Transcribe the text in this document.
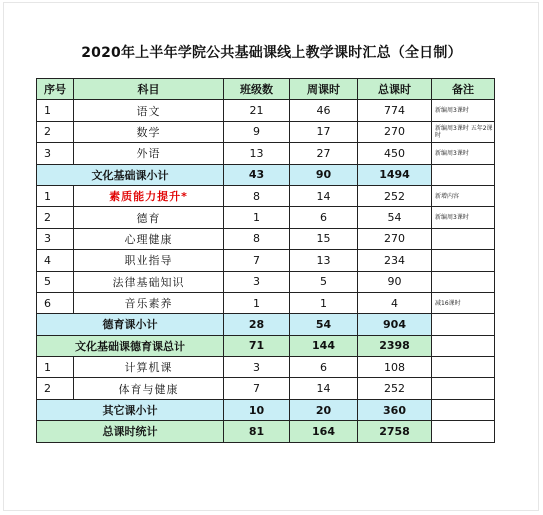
2020年上半年学院公共基础课线上教学课时汇总（全日制）
序号	科目	班级数	周课时	总课时	备注
1	语文	21	46	774	新编周3课时
2	数学	9	17	270	新编周3课时 五年2课时
3	外语	13	27	450	新编周3课时
文化基础课小计		43	90	1494	
1	素质能力提升*	8	14	252	新增内容
2	德育	1	6	54	新编周3课时
3	心理健康	8	15	270	
4	职业指导	7	13	234	
5	法律基础知识	3	5	90	
6	音乐素养	1	1	4	减16课时
德育课小计		28	54	904	
文化基础课德育课总计		71	144	2398	
1	计算机课	3	6	108	
2	体育与健康	7	14	252	
其它课小计		10	20	360	
总课时统计		81	164	2758	
